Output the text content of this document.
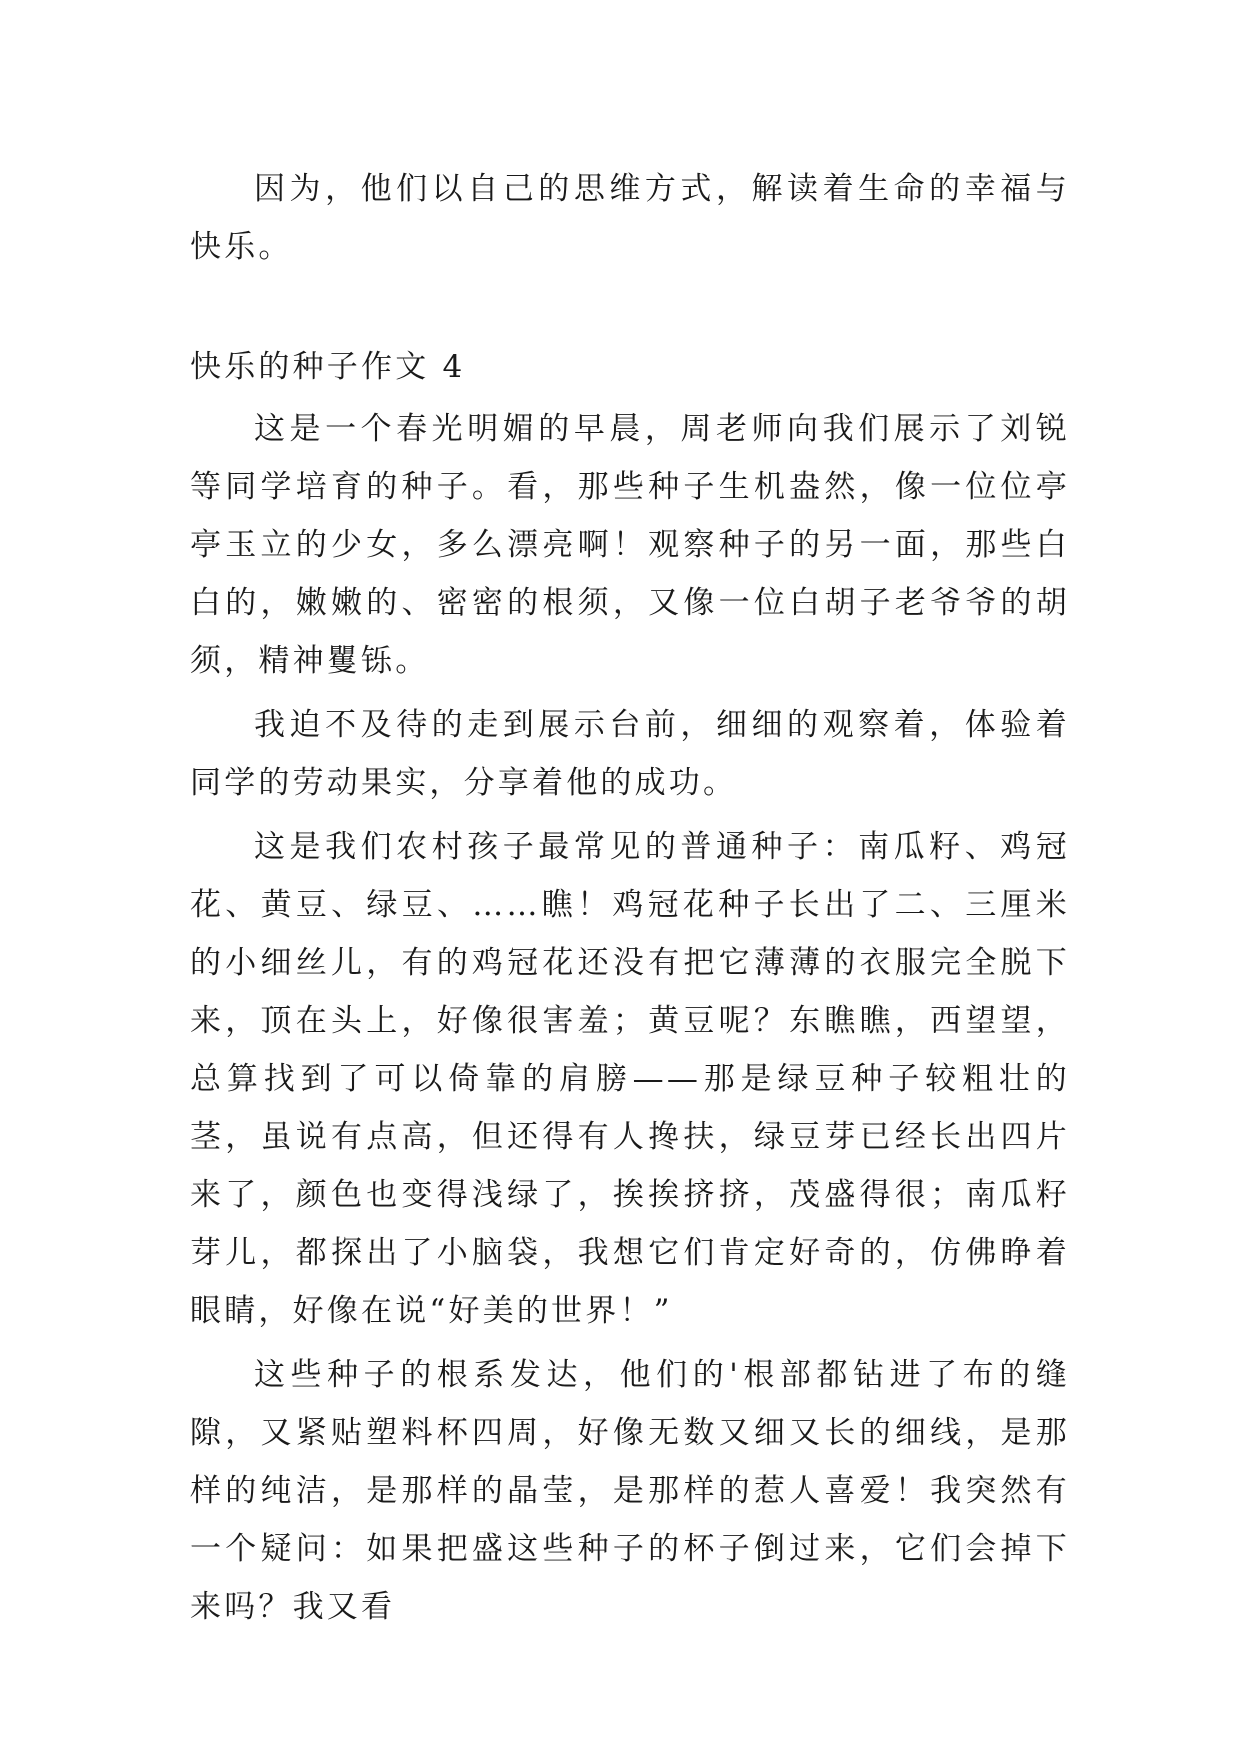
因为，他们以自己的思维方式，解读着生命的幸福与快乐。

快乐的种子作文 4

这是一个春光明媚的早晨，周老师向我们展示了刘锐等同学培育的种子。看，那些种子生机盎然，像一位位亭亭玉立的少女，多么漂亮啊！观察种子的另一面，那些白白的，嫩嫩的、密密的根须，又像一位白胡子老爷爷的胡须，精神矍铄。

我迫不及待的走到展示台前，细细的观察着，体验着同学的劳动果实，分享着他的成功。

这是我们农村孩子最常见的普通种子：南瓜籽、鸡冠花、黄豆、绿豆、……瞧！鸡冠花种子长出了二、三厘米的小细丝儿，有的鸡冠花还没有把它薄薄的衣服完全脱下来，顶在头上，好像很害羞；黄豆呢？东瞧瞧，西望望，总算找到了可以倚靠的肩膀——那是绿豆种子较粗壮的茎，虽说有点高，但还得有人搀扶，绿豆芽已经长出四片来了，颜色也变得浅绿了，挨挨挤挤，茂盛得很；南瓜籽芽儿，都探出了小脑袋，我想它们肯定好奇的，仿佛睁着眼睛，好像在说“好美的世界！”

这些种子的根系发达，他们的'根部都钻进了布的缝隙，又紧贴塑料杯四周，好像无数又细又长的细线，是那样的纯洁，是那样的晶莹，是那样的惹人喜爱！我突然有一个疑问：如果把盛这些种子的杯子倒过来，它们会掉下来吗？我又看
